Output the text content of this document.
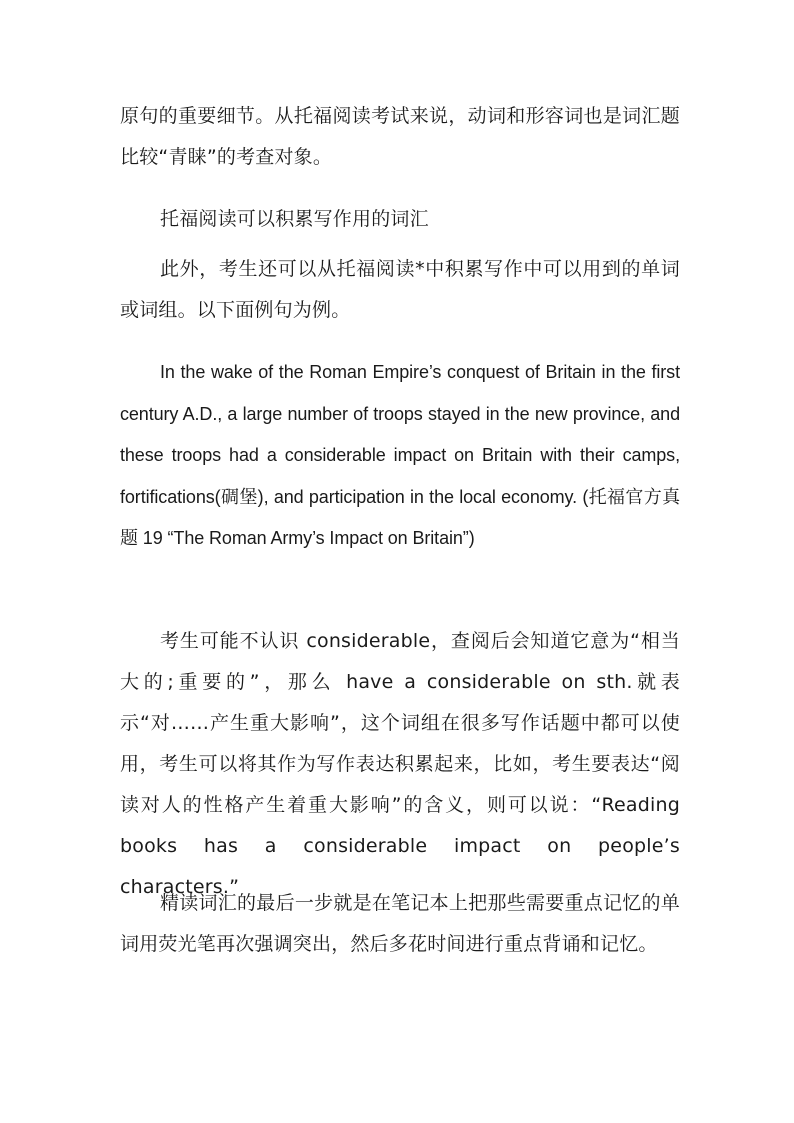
原句的重要细节。从托福阅读考试来说，动词和形容词也是词汇题比较“青睐”的考查对象。

托福阅读可以积累写作用的词汇

此外，考生还可以从托福阅读*中积累写作中可以用到的单词或词组。以下面例句为例。

In the wake of the Roman Empire’s conquest of Britain in the first century A.D., a large number of troops stayed in the new province, and these troops had a considerable impact on Britain with their camps, fortifications(碉堡), and participation in the local economy. (托福官方真题 19 “The Roman Army’s Impact on Britain”)

考生可能不认识 considerable，查阅后会知道它意为“相当大的;重要的”，那么 have a considerable on sth.就表示“对……产生重大影响”，这个词组在很多写作话题中都可以使用，考生可以将其作为写作表达积累起来，比如，考生要表达“阅读对人的性格产生着重大影响”的含义，则可以说：“Reading books has a considerable impact on people’s characters.”

精读词汇的最后一步就是在笔记本上把那些需要重点记忆的单词用荧光笔再次强调突出，然后多花时间进行重点背诵和记忆。
